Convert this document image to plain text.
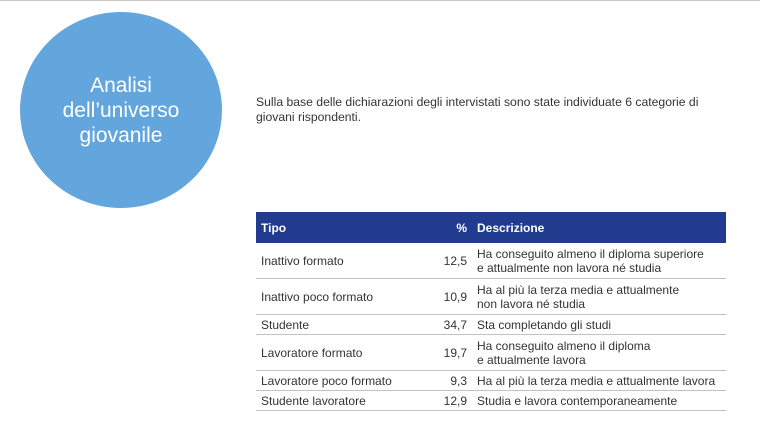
Analisi dell’universo giovanile
Sulla base delle dichiarazioni degli intervistati sono state individuate 6 categorie di giovani rispondenti.
Tipo	% Descrizione
Inattivo formato	12,5 Ha conseguito almeno il diploma superiore
e attualmente non lavora né studia
Inattivo poco formato	10,9 Ha al più la terza media e attualmente
non lavora né studia
Studente	34,7 Sta completando gli studi
Lavoratore formato	19,7 Ha conseguito almeno il diploma
e attualmente lavora
Lavoratore poco formato	9,3 Ha al più la terza media e attualmente lavora
Studente lavoratore	12,9 Studia e lavora contemporaneamente
